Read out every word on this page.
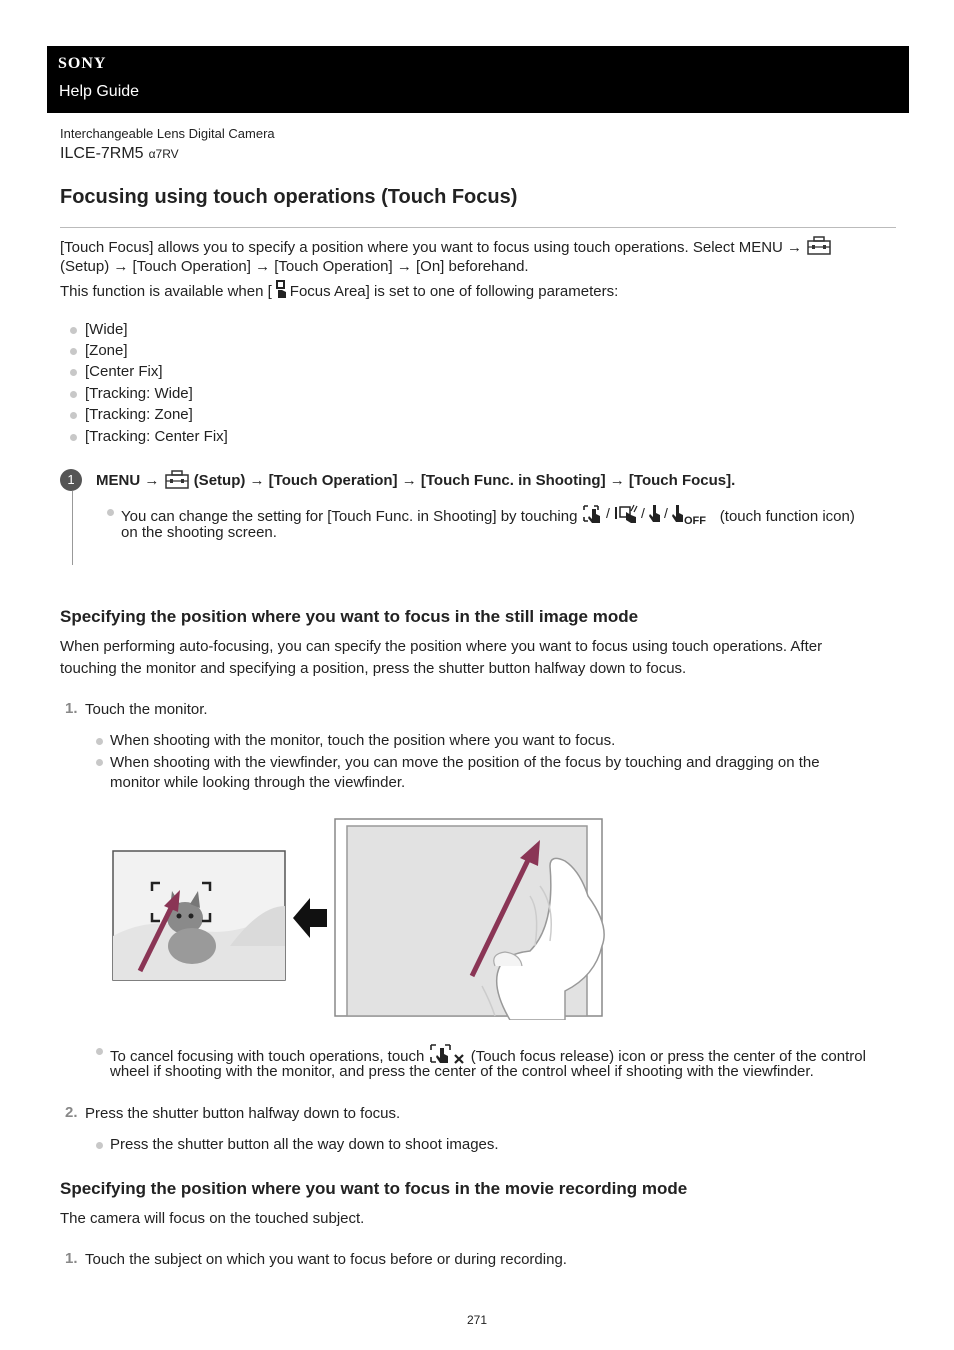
SONY
Help Guide
Interchangeable Lens Digital Camera
ILCE-7RM5 α7RV
Focusing using touch operations (Touch Focus)
[Touch Focus] allows you to specify a position where you want to focus using touch operations. Select MENU →
(Setup) → [Touch Operation] → [Touch Operation] → [On] beforehand.
This function is available when [ Focus Area] is set to one of following parameters:
[Wide]
[Zone]
[Center Fix]
[Tracking: Wide]
[Tracking: Zone]
[Tracking: Center Fix]
1	MENU → (Setup) → [Touch Operation] → [Touch Func. in Shooting] → [Touch Focus].
You can change the setting for [Touch Func. in Shooting] by touching / / / OFF (touch function icon)
on the shooting screen.
Specifying the position where you want to focus in the still image mode
When performing auto-focusing, you can specify the position where you want to focus using touch operations. After
touching the monitor and specifying a position, press the shutter button halfway down to focus.
1. Touch the monitor.
When shooting with the monitor, touch the position where you want to focus.
When shooting with the viewfinder, you can move the position of the focus by touching and dragging on the
monitor while looking through the viewfinder.
To cancel focusing with touch operations, touch	(Touch focus release) icon or press the center of the control
wheel if shooting with the monitor, and press the center of the control wheel if shooting with the viewfinder.
2. Press the shutter button halfway down to focus.
Press the shutter button all the way down to shoot images.
Specifying the position where you want to focus in the movie recording mode
The camera will focus on the touched subject.
1. Touch the subject on which you want to focus before or during recording.
271
